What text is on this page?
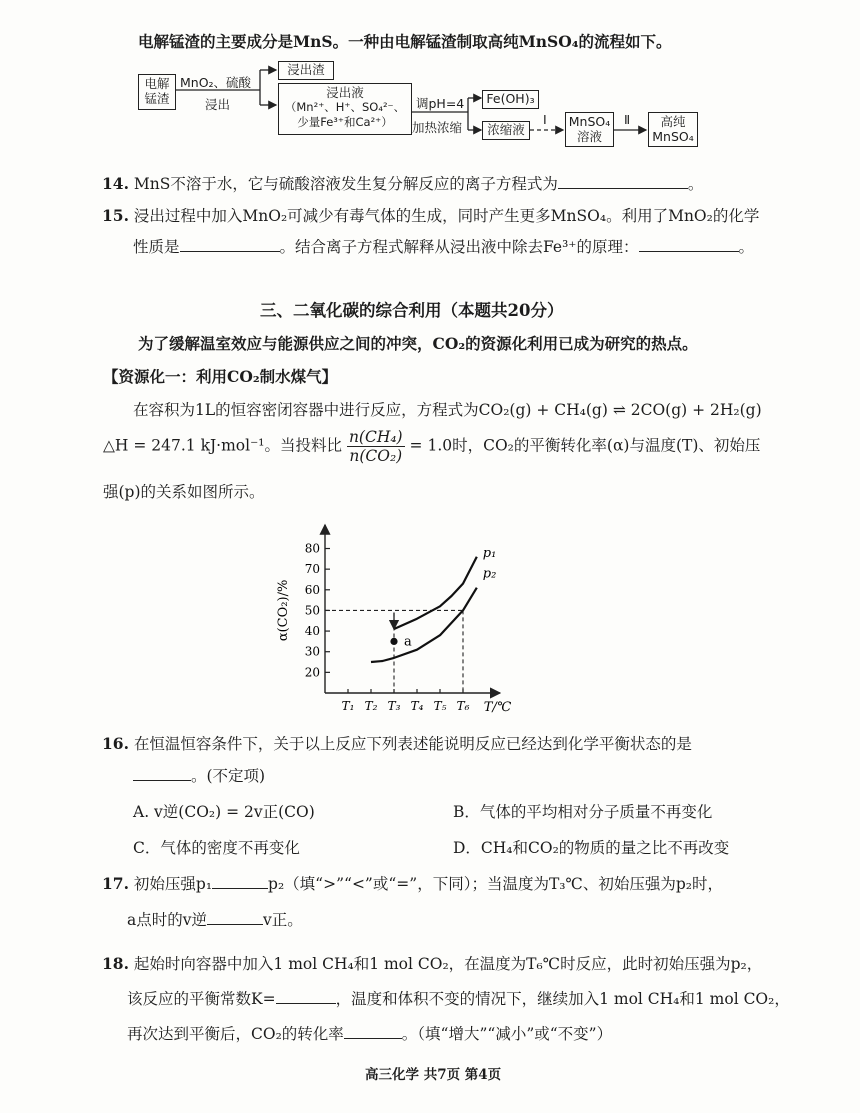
电解锰渣的主要成分是MnS。一种由电解锰渣制取高纯MnSO₄的流程如下。
电解
锰渣
MnO₂、硫酸
浸出
浸出渣
浸出液
（Mn²⁺、H⁺、SO₄²⁻、
少量Fe³⁺和Ca²⁺）
调pH=4
加热浓缩
Fe(OH)₃
浓缩液
Ⅰ MnSO₄
溶液
Ⅱ	高纯
MnSO₄
14. MnS不溶于水，它与硫酸溶液发生复分解反应的离子方程式为	。
15. 浸出过程中加入MnO₂可减少有毒气体的生成，同时产生更多MnSO₄。利用了MnO₂的化学
性质是	。结合离子方程式解释从浸出液中除去Fe³⁺的原理：	。
三、二氧化碳的综合利用（本题共20分）
为了缓解温室效应与能源供应之间的冲突，CO₂的资源化利用已成为研究的热点。
【资源化一：利用CO₂制水煤气】
在容积为1L的恒容密闭容器中进行反应，方程式为CO₂(g) + CH₄(g) ⇌ 2CO(g) + 2H₂(g)
△H = 247.1 kJ·mol⁻¹。当投料比 $\frac{\text{n(CH₄)}}{\text{n(CO₂)}} = 1.0$时，CO₂的平衡转化率(α)与温度(T)、初始压
强(p)的关系如图所示。
80
70
60
50
40
30
20
T₁ T₂ T₃ T₄ T₅ T₆
α(CO₂)/%
T/℃
p₁
p₂
a
16. 在恒温恒容条件下，关于以上反应下列表述能说明反应已经达到化学平衡状态的是
。(不定项)
A. v逆(CO₂) = 2v正(CO)	B．气体的平均相对分子质量不再变化
C．气体的密度不再变化	D．CH₄和CO₂的物质的量之比不再改变
17. 初始压强p₁	p₂（填“>”“<”或“=”，下同）；当温度为T₃℃、初始压强为p₂时，
a点时的v逆	v正。
18. 起始时向容器中加入1 mol CH₄和1 mol CO₂，在温度为T₆℃时反应，此时初始压强为p₂，
该反应的平衡常数K=	，温度和体积不变的情况下，继续加入1 mol CH₄和1 mol CO₂，
再次达到平衡后，CO₂的转化率	。（填“增大”“减小”或“不变”）
高三化学 共7页 第4页
